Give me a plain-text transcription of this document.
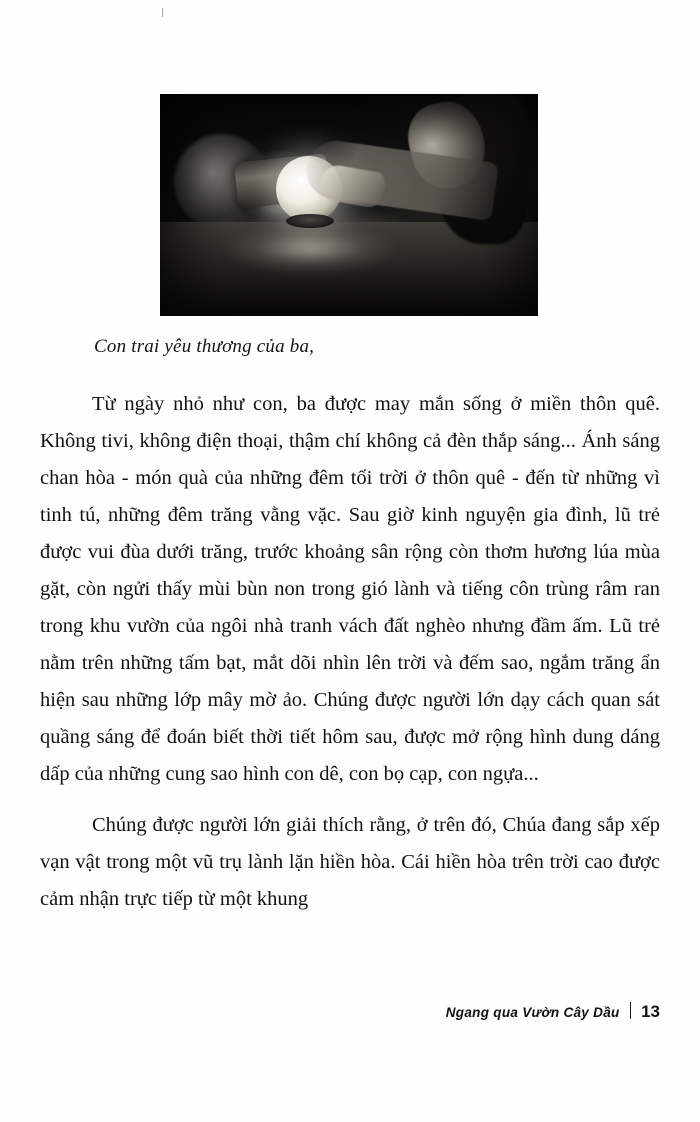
Con trai yêu thương của ba,

Từ ngày nhỏ như con, ba được may mắn sống ở miền thôn quê. Không tivi, không điện thoại, thậm chí không cả đèn thắp sáng... Ánh sáng chan hòa - món quà của những đêm tối trời ở thôn quê - đến từ những vì tinh tú, những đêm trăng vằng vặc. Sau giờ kinh nguyện gia đình, lũ trẻ được vui đùa dưới trăng, trước khoảng sân rộng còn thơm hương lúa mùa gặt, còn ngửi thấy mùi bùn non trong gió lành và tiếng côn trùng râm ran trong khu vườn của ngôi nhà tranh vách đất nghèo nhưng đầm ấm. Lũ trẻ nằm trên những tấm bạt, mắt dõi nhìn lên trời và đếm sao, ngắm trăng ẩn hiện sau những lớp mây mờ ảo. Chúng được người lớn dạy cách quan sát quầng sáng để đoán biết thời tiết hôm sau, được mở rộng hình dung dáng dấp của những cung sao hình con dê, con bọ cạp, con ngựa...

Chúng được người lớn giải thích rằng, ở trên đó, Chúa đang sắp xếp vạn vật trong một vũ trụ lành lặn hiền hòa. Cái hiền hòa trên trời cao được cảm nhận trực tiếp từ một khung

Ngang qua Vườn Cây Dầu 13
